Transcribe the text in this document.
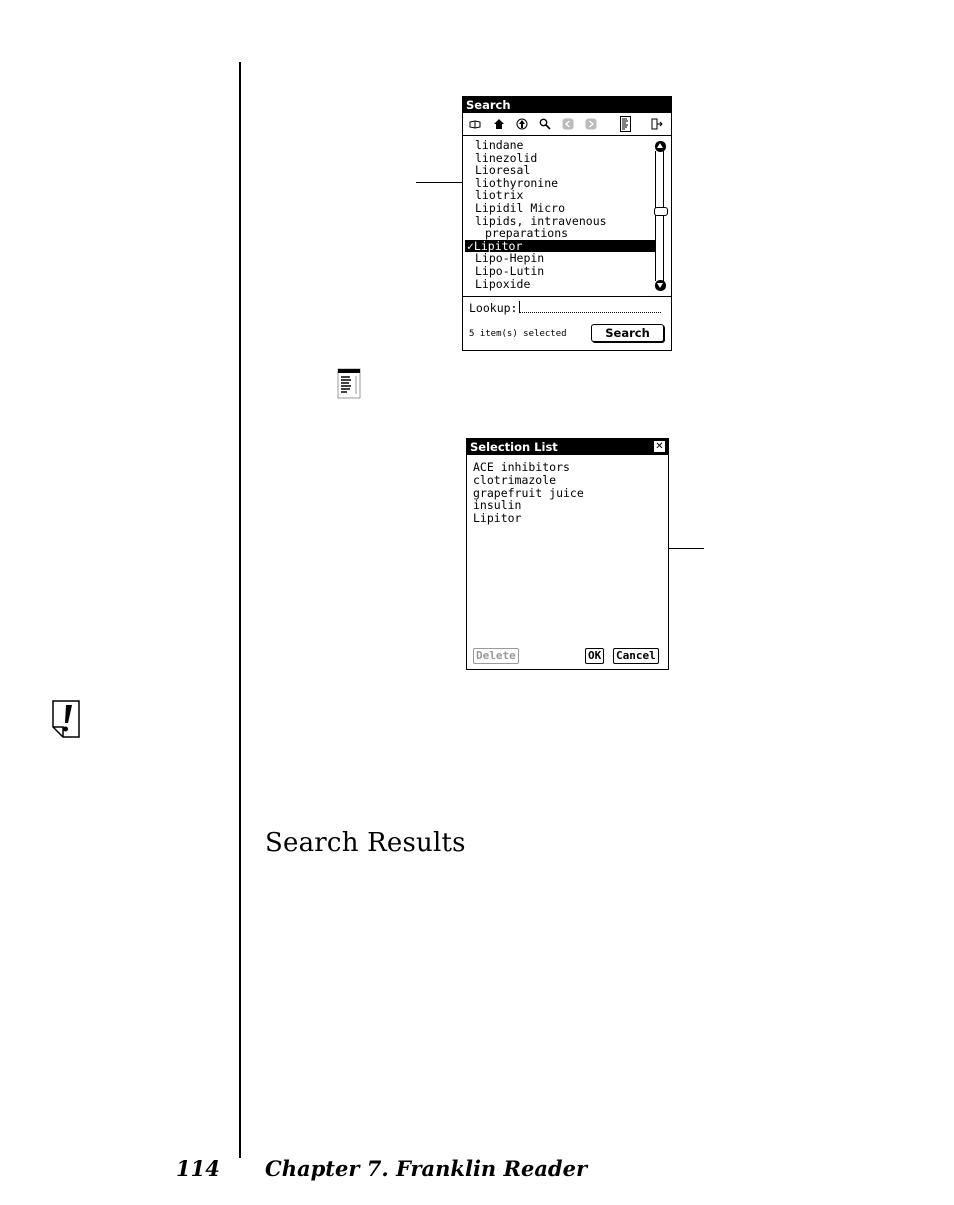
Search
lindane
linezolid
Lioresal
liothyronine
liotrix
Lipidil Micro
lipids, intravenous
preparations
✓Lipitor
Lipo-Hepin
Lipo-Lutin
Lipoxide
Lookup:
5 item(s) selected	Search
Selection List	✕
ACE inhibitors
clotrimazole
grapefruit juice
insulin
Lipitor
Delete	OK Cancel
Search Results
114 Chapter 7. Franklin Reader
